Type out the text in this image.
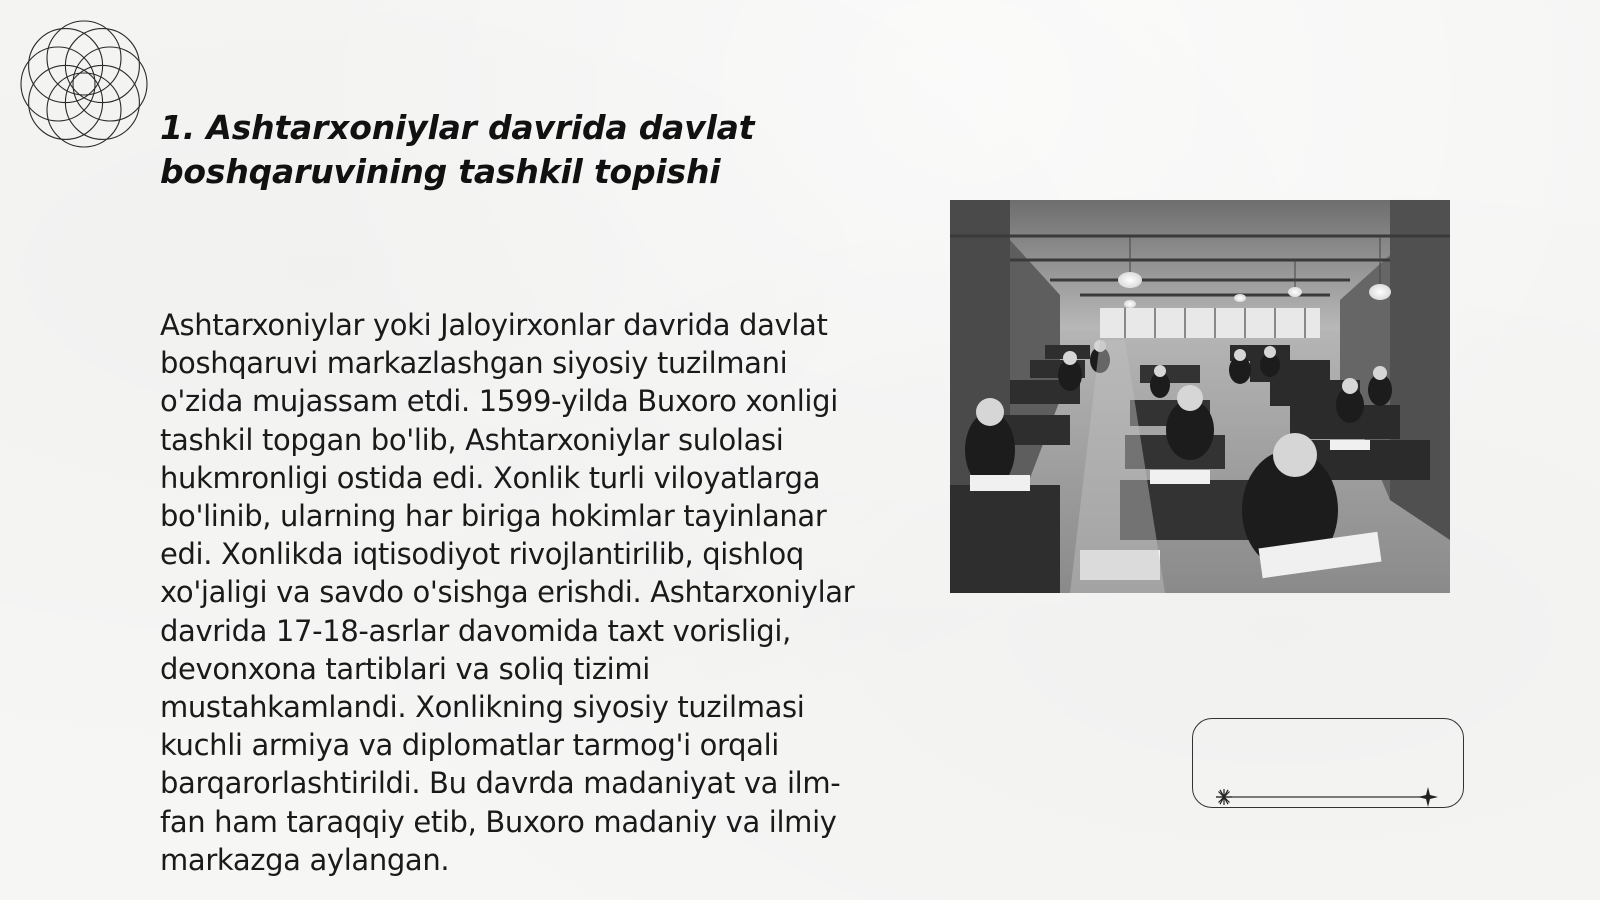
1. Ashtarxoniylar davrida davlat boshqaruvining tashkil topishi

Ashtarxoniylar yoki Jaloyirxonlar davrida davlat boshqaruvi markazlashgan siyosiy tuzilmani o'zida mujassam etdi. 1599-yilda Buxoro xonligi tashkil topgan bo'lib, Ashtarxoniylar sulolasi hukmronligi ostida edi. Xonlik turli viloyatlarga bo'linib, ularning har biriga hokimlar tayinlanar edi. Xonlikda iqtisodiyot rivojlantirilib, qishloq xo'jaligi va savdo o'sishga erishdi. Ashtarxoniylar davrida 17-18-asrlar davomida taxt vorisligi, devonxona tartiblari va soliq tizimi mustahkamlandi. Xonlikning siyosiy tuzilmasi kuchli armiya va diplomatlar tarmog'i orqali barqarorlashtirildi. Bu davrda madaniyat va ilm-fan ham taraqqiy etib, Buxoro madaniy va ilmiy markazga aylangan.
